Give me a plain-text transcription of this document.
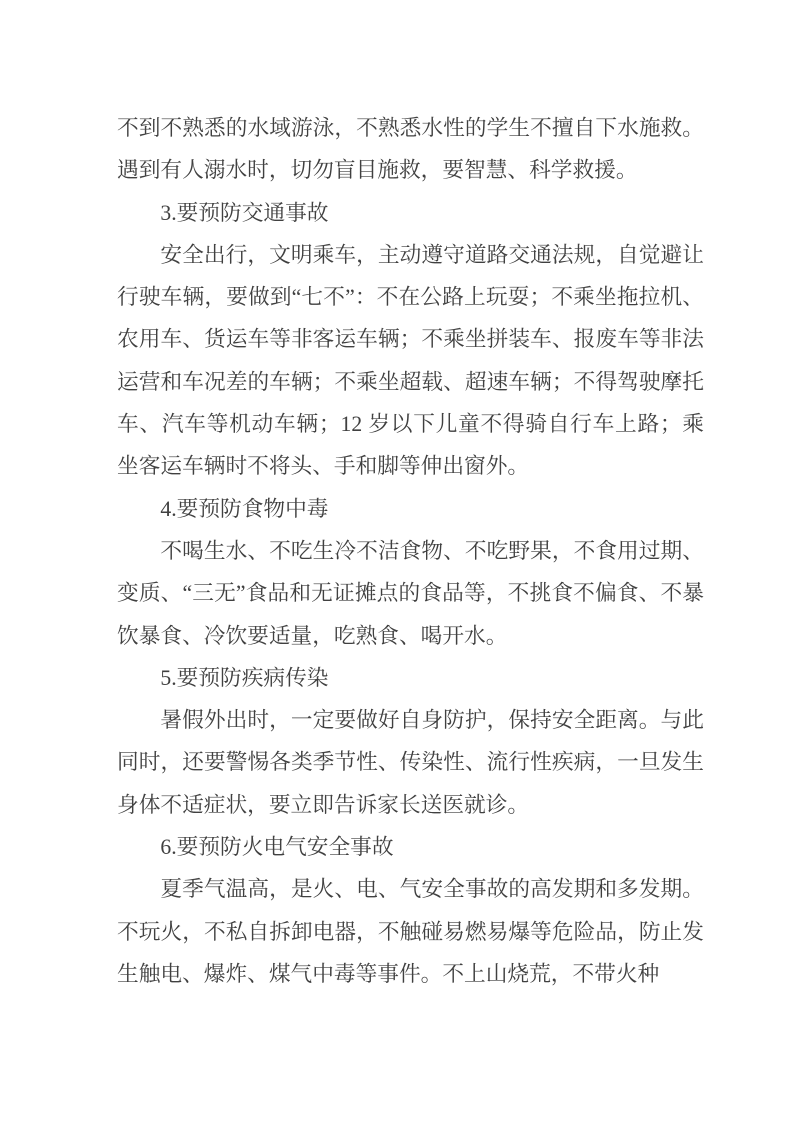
不到不熟悉的水域游泳，不熟悉水性的学生不擅自下水施救。遇到有人溺水时，切勿盲目施救，要智慧、科学救援。

3.要预防交通事故

安全出行，文明乘车，主动遵守道路交通法规，自觉避让行驶车辆，要做到“七不”：不在公路上玩耍；不乘坐拖拉机、农用车、货运车等非客运车辆；不乘坐拼装车、报废车等非法运营和车况差的车辆；不乘坐超载、超速车辆；不得驾驶摩托车、汽车等机动车辆；12 岁以下儿童不得骑自行车上路；乘坐客运车辆时不将头、手和脚等伸出窗外。

4.要预防食物中毒

不喝生水、不吃生冷不洁食物、不吃野果，不食用过期、变质、“三无”食品和无证摊点的食品等，不挑食不偏食、不暴饮暴食、冷饮要适量，吃熟食、喝开水。

5.要预防疾病传染

暑假外出时，一定要做好自身防护，保持安全距离。与此同时，还要警惕各类季节性、传染性、流行性疾病，一旦发生身体不适症状，要立即告诉家长送医就诊。

6.要预防火电气安全事故

夏季气温高，是火、电、气安全事故的高发期和多发期。不玩火，不私自拆卸电器，不触碰易燃易爆等危险品，防止发生触电、爆炸、煤气中毒等事件。不上山烧荒，不带火种
